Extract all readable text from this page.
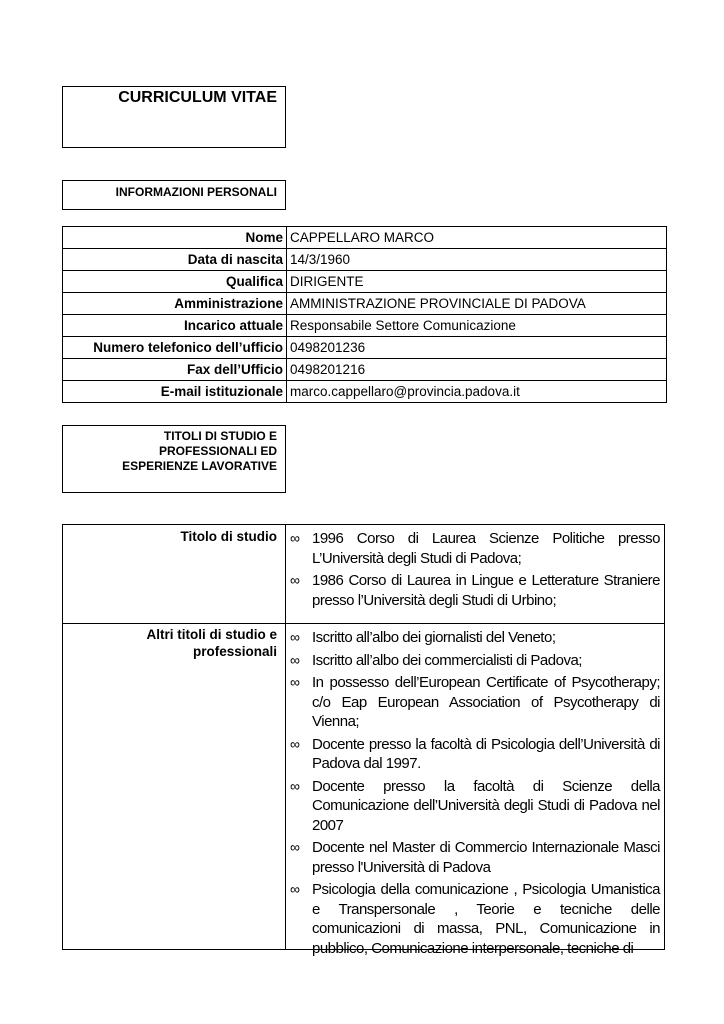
CURRICULUM VITAE
INFORMAZIONI PERSONALI
Nome	CAPPELLARO MARCO
Data di nascita	14/3/1960
Qualifica	DIRIGENTE
Amministrazione	AMMINISTRAZIONE PROVINCIALE DI PADOVA
Incarico attuale	Responsabile Settore Comunicazione
Numero telefonico dell’ufficio	0498201236
Fax dell’Ufficio	0498201216
E-mail istituzionale	marco.cappellaro@provincia.padova.it
TITOLI DI STUDIO E
PROFESSIONALI ED
ESPERIENZE LAVORATIVE
Titolo di studio ∞ 1996 Corso di Laurea Scienze Politiche presso L’Università degli Studi di Padova;
∞ 1986 Corso di Laurea in Lingue e Letterature Straniere presso l’Università degli Studi di Urbino;
Altri titoli di studio e
professionali
∞ Iscritto all’albo dei giornalisti del Veneto;
∞ Iscritto all’albo dei commercialisti di Padova;
∞ In possesso dell’European Certificate of Psycotherapy; c/o Eap European Association of Psycotherapy di Vienna;
∞ Docente presso la facoltà di Psicologia dell’Università di Padova dal 1997.
∞ Docente presso la facoltà di Scienze della Comunicazione dell’Università degli Studi di Padova nel 2007
∞ Docente nel Master di Commercio Internazionale Masci presso l'Università di Padova
∞ Psicologia della comunicazione , Psicologia Umanistica e Transpersonale , Teorie e tecniche delle comunicazioni di massa, PNL, Comunicazione in pubblico, Comunicazione interpersonale, tecniche di
